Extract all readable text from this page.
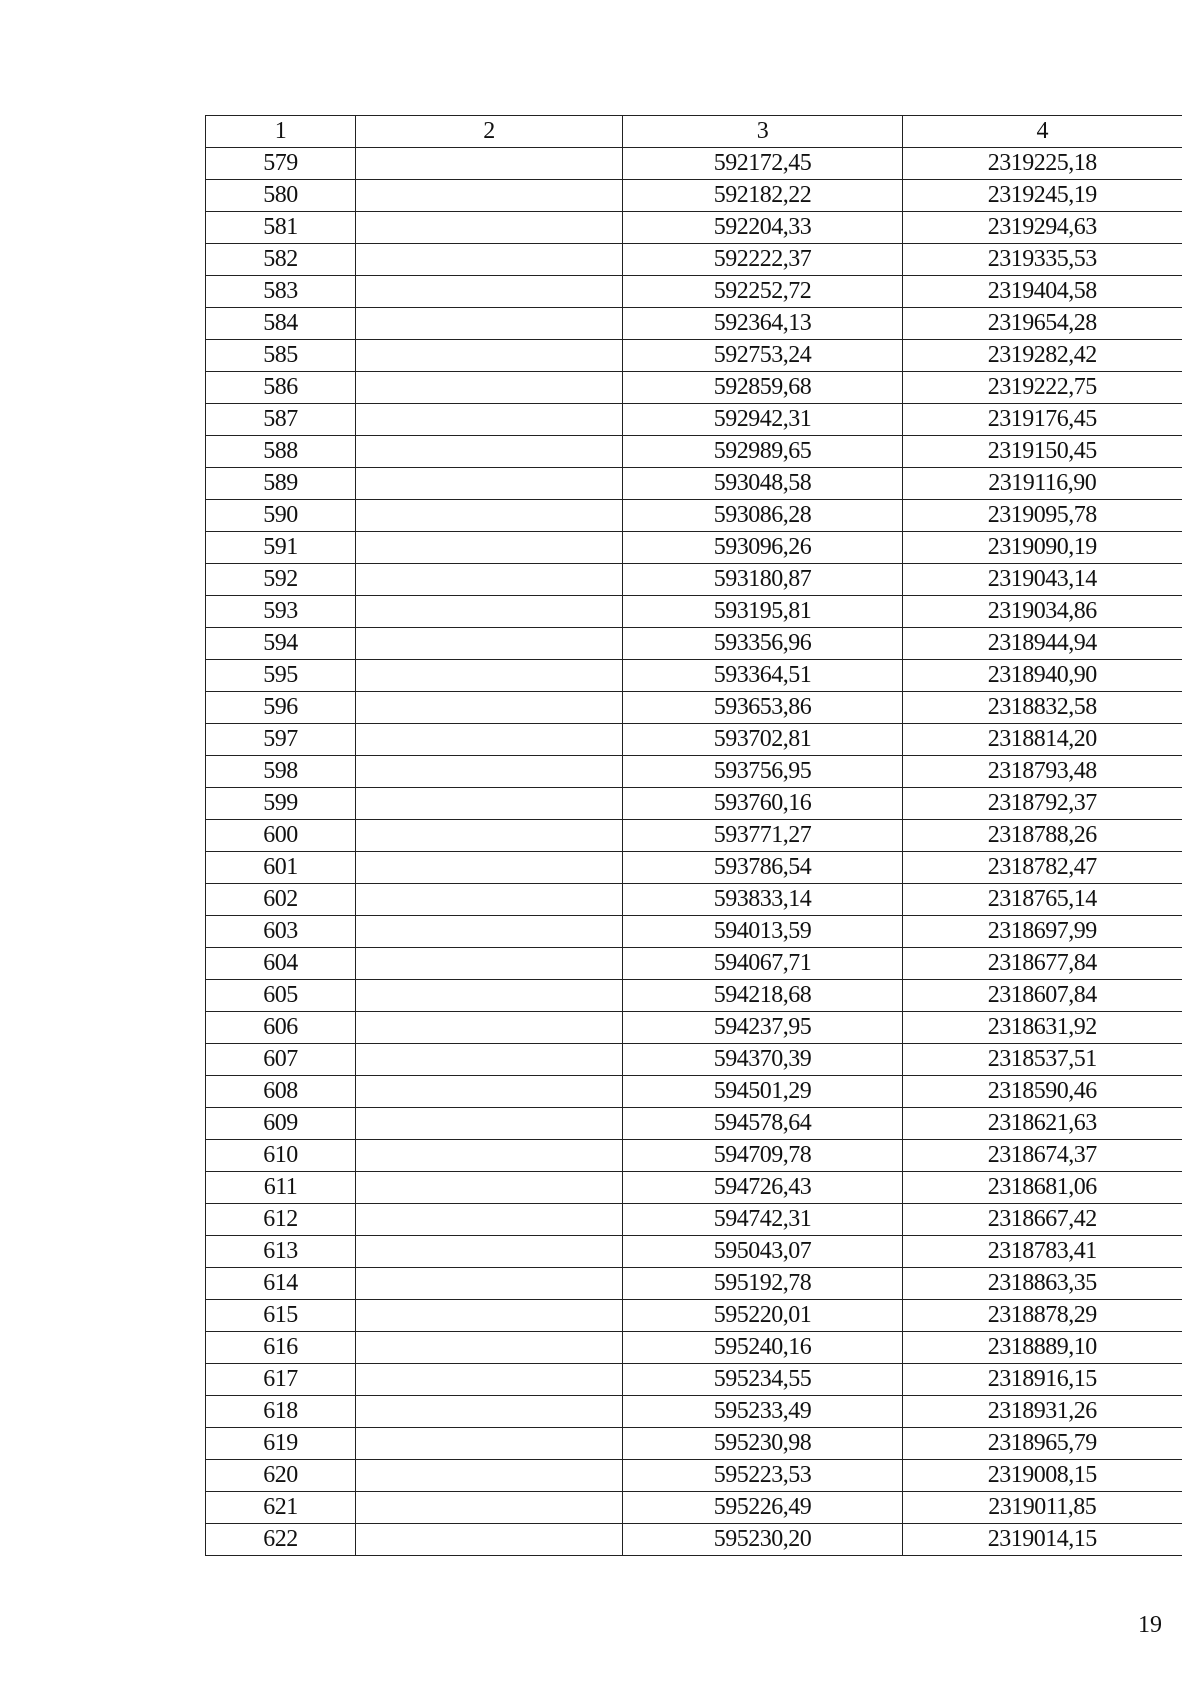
1	2	3	4
579		592172,45	2319225,18
580		592182,22	2319245,19
581		592204,33	2319294,63
582		592222,37	2319335,53
583		592252,72	2319404,58
584		592364,13	2319654,28
585		592753,24	2319282,42
586		592859,68	2319222,75
587		592942,31	2319176,45
588		592989,65	2319150,45
589		593048,58	2319116,90
590		593086,28	2319095,78
591		593096,26	2319090,19
592		593180,87	2319043,14
593		593195,81	2319034,86
594		593356,96	2318944,94
595		593364,51	2318940,90
596		593653,86	2318832,58
597		593702,81	2318814,20
598		593756,95	2318793,48
599		593760,16	2318792,37
600		593771,27	2318788,26
601		593786,54	2318782,47
602		593833,14	2318765,14
603		594013,59	2318697,99
604		594067,71	2318677,84
605		594218,68	2318607,84
606		594237,95	2318631,92
607		594370,39	2318537,51
608		594501,29	2318590,46
609		594578,64	2318621,63
610		594709,78	2318674,37
611		594726,43	2318681,06
612		594742,31	2318667,42
613		595043,07	2318783,41
614		595192,78	2318863,35
615		595220,01	2318878,29
616		595240,16	2318889,10
617		595234,55	2318916,15
618		595233,49	2318931,26
619		595230,98	2318965,79
620		595223,53	2319008,15
621		595226,49	2319011,85
622		595230,20	2319014,15
19
